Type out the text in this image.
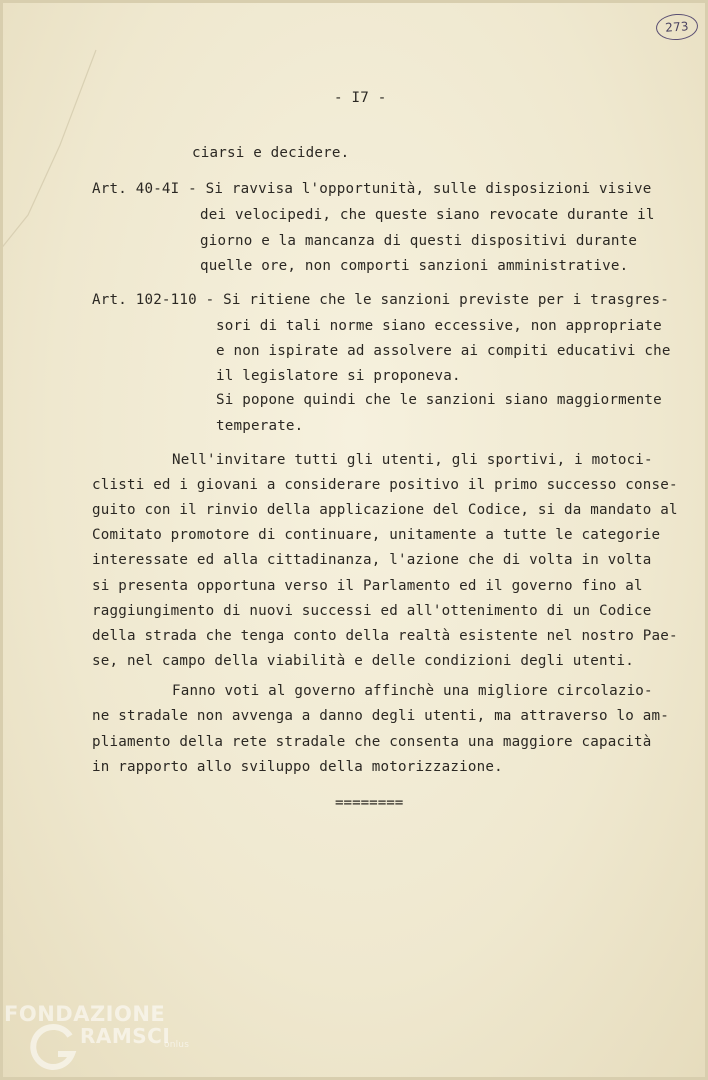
273
- I7 -
ciarsi e decidere.
Art. 40-4I - Si ravvisa l'opportunità, sulle disposizioni visive
dei velocipedi, che queste siano revocate durante il
giorno e la mancanza di questi dispositivi durante
quelle ore, non comporti sanzioni amministrative.
Art. 102-110 - Si ritiene che le sanzioni previste per i trasgres-
sori di tali norme siano eccessive, non appropriate
e non ispirate ad assolvere ai compiti educativi che
il legislatore si proponeva.
Si popone quindi che le sanzioni siano maggiormente
temperate.
Nell'invitare tutti gli utenti, gli sportivi, i motoci-
clisti ed i giovani a considerare positivo il primo successo conse-
guito con il rinvio della applicazione del Codice, si da mandato al
Comitato promotore di continuare, unitamente a tutte le categorie
interessate ed alla cittadinanza, l'azione che di volta in volta
si presenta opportuna verso il Parlamento ed il governo fino al
raggiungimento di nuovi successi ed all'ottenimento di un Codice
della strada che tenga conto della realtà esistente nel nostro Pae-
se, nel campo della viabilità e delle condizioni degli utenti.
Fanno voti al governo affinchè una migliore circolazio-
ne stradale non avvenga a danno degli utenti, ma attraverso lo am-
pliamento della rete stradale che consenta una maggiore capacità
in rapporto allo sviluppo della motorizzazione.
========
FONDAZIONE
RAMSCI
onlus
